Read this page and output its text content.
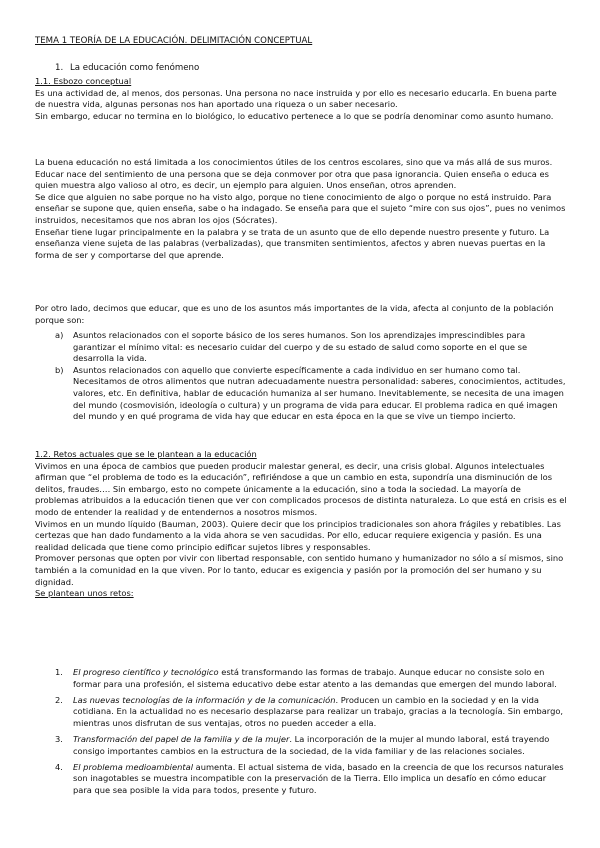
TEMA 1 TEORÍA DE LA EDUCACIÓN. DELIMITACIÓN CONCEPTUAL
1. La educación como fenómeno

1.1. Esbozo conceptual

Es una actividad de, al menos, dos personas. Una persona no nace instruida y por ello es necesario educarla. En buena parte de nuestra vida, algunas personas nos han aportado una riqueza o un saber necesario.

Sin embargo, educar no termina en lo biológico, lo educativo pertenece a lo que se podría denominar como asunto humano.

La buena educación no está limitada a los conocimientos útiles de los centros escolares, sino que va más allá de sus muros.

Educar nace del sentimiento de una persona que se deja conmover por otra que pasa ignorancia. Quien enseña o educa es quien muestra algo valioso al otro, es decir, un ejemplo para alguien. Unos enseñan, otros aprenden.

Se dice que alguien no sabe porque no ha visto algo, porque no tiene conocimiento de algo o porque no está instruido. Para enseñar se supone que, quien enseña, sabe o ha indagado. Se enseña para que el sujeto “mire con sus ojos”, pues no venimos instruidos, necesitamos que nos abran los ojos (Sócrates).

Enseñar tiene lugar principalmente en la palabra y se trata de un asunto que de ello depende nuestro presente y futuro. La enseñanza viene sujeta de las palabras (verbalizadas), que transmiten sentimientos, afectos y abren nuevas puertas en la forma de ser y comportarse del que aprende.

Por otro lado, decimos que educar, que es uno de los asuntos más importantes de la vida, afecta al conjunto de la población porque son:

a) Asuntos relacionados con el soporte básico de los seres humanos. Son los aprendizajes imprescindibles para garantizar el mínimo vital: es necesario cuidar del cuerpo y de su estado de salud como soporte en el que se desarrolla la vida.
b) Asuntos relacionados con aquello que convierte específicamente a cada individuo en ser humano como tal. Necesitamos de otros alimentos que nutran adecuadamente nuestra personalidad: saberes, conocimientos, actitudes, valores, etc. En definitiva, hablar de educación humaniza al ser humano. Inevitablemente, se necesita de una imagen del mundo (cosmovisión, ideología o cultura) y un programa de vida para educar. El problema radica en qué imagen del mundo y en qué programa de vida hay que educar en esta época en la que se vive un tiempo incierto.

1.2. Retos actuales que se le plantean a la educación

Vivimos en una época de cambios que pueden producir malestar general, es decir, una crisis global. Algunos intelectuales afirman que “el problema de todo es la educación”, refiriéndose a que un cambio en esta, supondría una disminución de los delitos, fraudes…. Sin embargo, esto no compete únicamente a la educación, sino a toda la sociedad. La mayoría de problemas atribuidos a la educación tienen que ver con complicados procesos de distinta naturaleza. Lo que está en crisis es el modo de entender la realidad y de entendernos a nosotros mismos.

Vivimos en un mundo líquido (Bauman, 2003). Quiere decir que los principios tradicionales son ahora frágiles y rebatibles. Las certezas que han dado fundamento a la vida ahora se ven sacudidas. Por ello, educar requiere exigencia y pasión. Es una realidad delicada que tiene como principio edificar sujetos libres y responsables.

Promover personas que opten por vivir con libertad responsable, con sentido humano y humanizador no sólo a sí mismos, sino también a la comunidad en la que viven. Por lo tanto, educar es exigencia y pasión por la promoción del ser humano y su dignidad.

Se plantean unos retos:

1. El progreso científico y tecnológico está transformando las formas de trabajo. Aunque educar no consiste solo en formar para una profesión, el sistema educativo debe estar atento a las demandas que emergen del mundo laboral.
2. Las nuevas tecnologías de la información y de la comunicación. Producen un cambio en la sociedad y en la vida cotidiana. En la actualidad no es necesario desplazarse para realizar un trabajo, gracias a la tecnología. Sin embargo, mientras unos disfrutan de sus ventajas, otros no pueden acceder a ella.
3. Transformación del papel de la familia y de la mujer. La incorporación de la mujer al mundo laboral, está trayendo consigo importantes cambios en la estructura de la sociedad, de la vida familiar y de las relaciones sociales.
4. El problema medioambiental aumenta. El actual sistema de vida, basado en la creencia de que los recursos naturales son inagotables se muestra incompatible con la preservación de la Tierra. Ello implica un desafío en cómo educar para que sea posible la vida para todos, presente y futuro.
